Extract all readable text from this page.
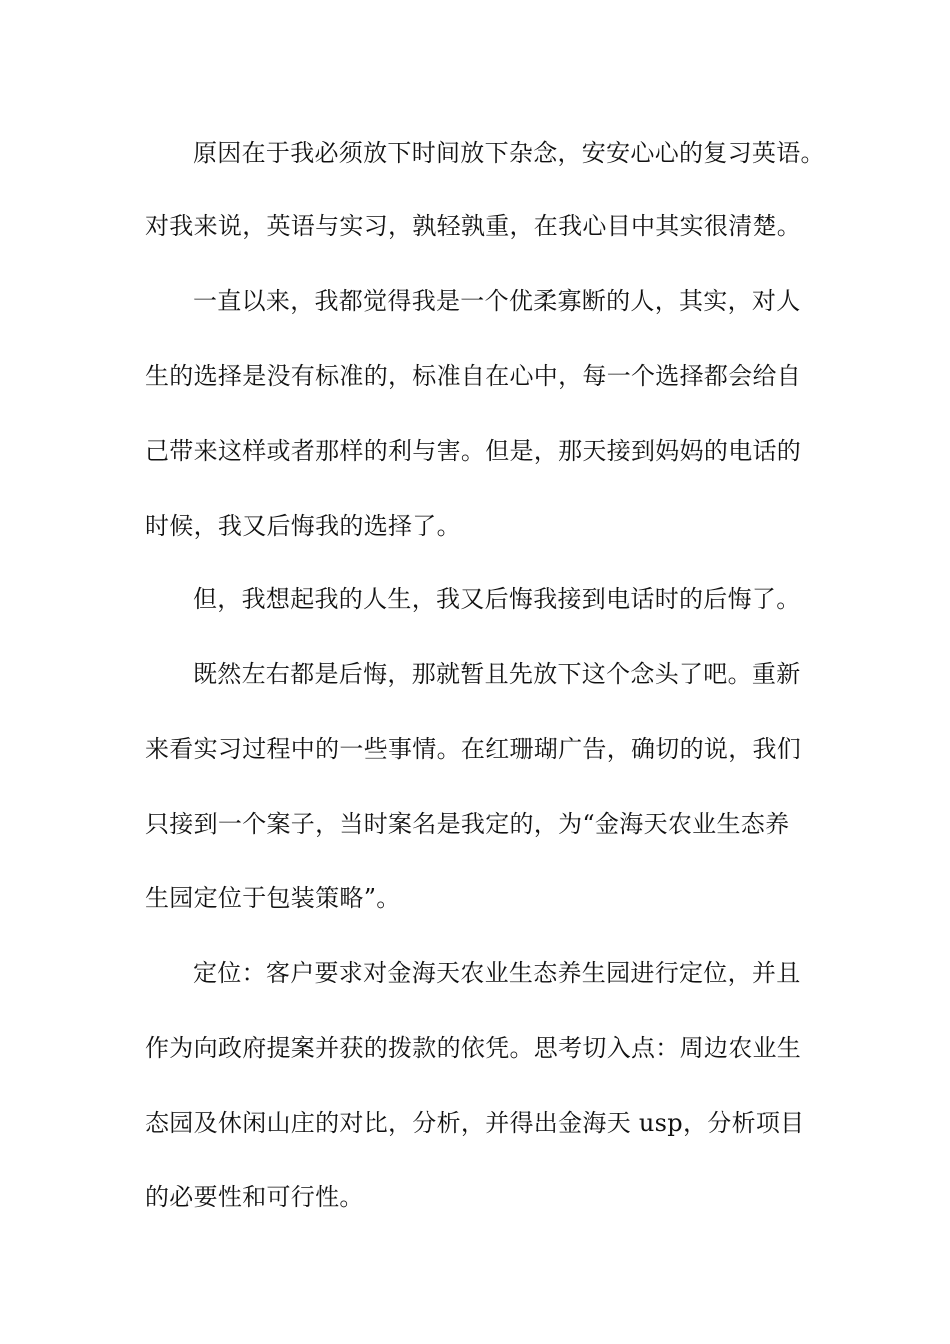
原因在于我必须放下时间放下杂念，安安心心的复习英语。
对我来说，英语与实习，孰轻孰重，在我心目中其实很清楚。
一直以来，我都觉得我是一个优柔寡断的人，其实，对人
生的选择是没有标准的，标准自在心中，每一个选择都会给自
己带来这样或者那样的利与害。但是，那天接到妈妈的电话的
时候，我又后悔我的选择了。
但，我想起我的人生，我又后悔我接到电话时的后悔了。
既然左右都是后悔，那就暂且先放下这个念头了吧。重新
来看实习过程中的一些事情。在红珊瑚广告，确切的说，我们
只接到一个案子，当时案名是我定的，为“金海天农业生态养
生园定位于包装策略”。
定位：客户要求对金海天农业生态养生园进行定位，并且
作为向政府提案并获的拨款的依凭。思考切入点：周边农业生
态园及休闲山庄的对比，分析，并得出金海天 usp，分析项目
的必要性和可行性。
